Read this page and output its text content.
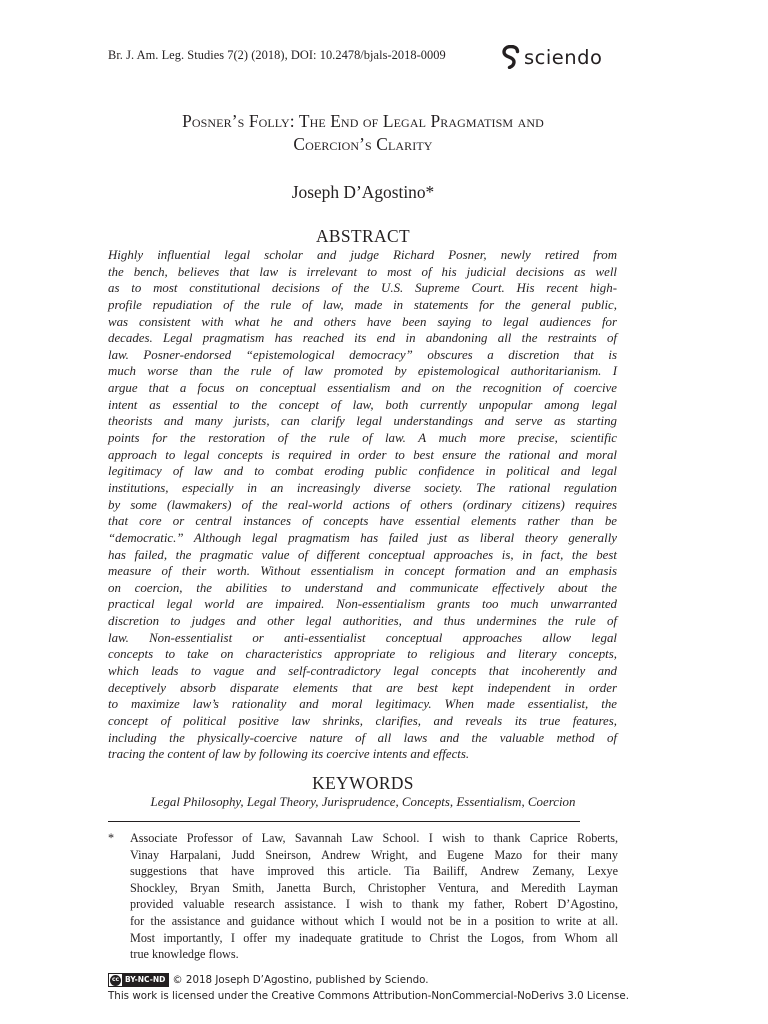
Br. J. Am. Leg. Studies 7(2) (2018), DOI: 10.2478/bjals-2018-0009	sciendo
Posner’s Folly: The End of Legal Pragmatism and
Coercion’s Clarity
Joseph D’Agostino*
ABSTRACT
Highly influential legal scholar and judge Richard Posner, newly retired from
the bench, believes that law is irrelevant to most of his judicial decisions as well
as to most constitutional decisions of the U.S. Supreme Court. His recent high-
profile repudiation of the rule of law, made in statements for the general public,
was consistent with what he and others have been saying to legal audiences for
decades. Legal pragmatism has reached its end in abandoning all the restraints of
law. Posner-endorsed “epistemological democracy” obscures a discretion that is
much worse than the rule of law promoted by epistemological authoritarianism. I
argue that a focus on conceptual essentialism and on the recognition of coercive
intent as essential to the concept of law, both currently unpopular among legal
theorists and many jurists, can clarify legal understandings and serve as starting
points for the restoration of the rule of law. A much more precise, scientific
approach to legal concepts is required in order to best ensure the rational and moral
legitimacy of law and to combat eroding public confidence in political and legal
institutions, especially in an increasingly diverse society. The rational regulation
by some (lawmakers) of the real-world actions of others (ordinary citizens) requires
that core or central instances of concepts have essential elements rather than be
“democratic.” Although legal pragmatism has failed just as liberal theory generally
has failed, the pragmatic value of different conceptual approaches is, in fact, the best
measure of their worth. Without essentialism in concept formation and an emphasis
on coercion, the abilities to understand and communicate effectively about the
practical legal world are impaired. Non-essentialism grants too much unwarranted
discretion to judges and other legal authorities, and thus undermines the rule of
law. Non-essentialist or anti-essentialist conceptual approaches allow legal
concepts to take on characteristics appropriate to religious and literary concepts,
which leads to vague and self-contradictory legal concepts that incoherently and
deceptively absorb disparate elements that are best kept independent in order
to maximize law’s rationality and moral legitimacy. When made essentialist, the
concept of political positive law shrinks, clarifies, and reveals its true features,
including the physically-coercive nature of all laws and the valuable method of
tracing the content of law by following its coercive intents and effects.
KEYWORDS
Legal Philosophy, Legal Theory, Jurisprudence, Concepts, Essentialism, Coercion
* Associate Professor of Law, Savannah Law School. I wish to thank Caprice Roberts,
Vinay Harpalani, Judd Sneirson, Andrew Wright, and Eugene Mazo for their many
suggestions that have improved this article. Tia Bailiff, Andrew Zemany, Lexye
Shockley, Bryan Smith, Janetta Burch, Christopher Ventura, and Meredith Layman
provided valuable research assistance. I wish to thank my father, Robert D’Agostino,
for the assistance and guidance without which I would not be in a position to write at all.
Most importantly, I offer my inadequate gratitude to Christ the Logos, from Whom all
true knowledge flows.
cc BY-NC-ND © 2018 Joseph D’Agostino, published by Sciendo.
This work is licensed under the Creative Commons Attribution-NonCommercial-NoDerivs 3.0 License.
